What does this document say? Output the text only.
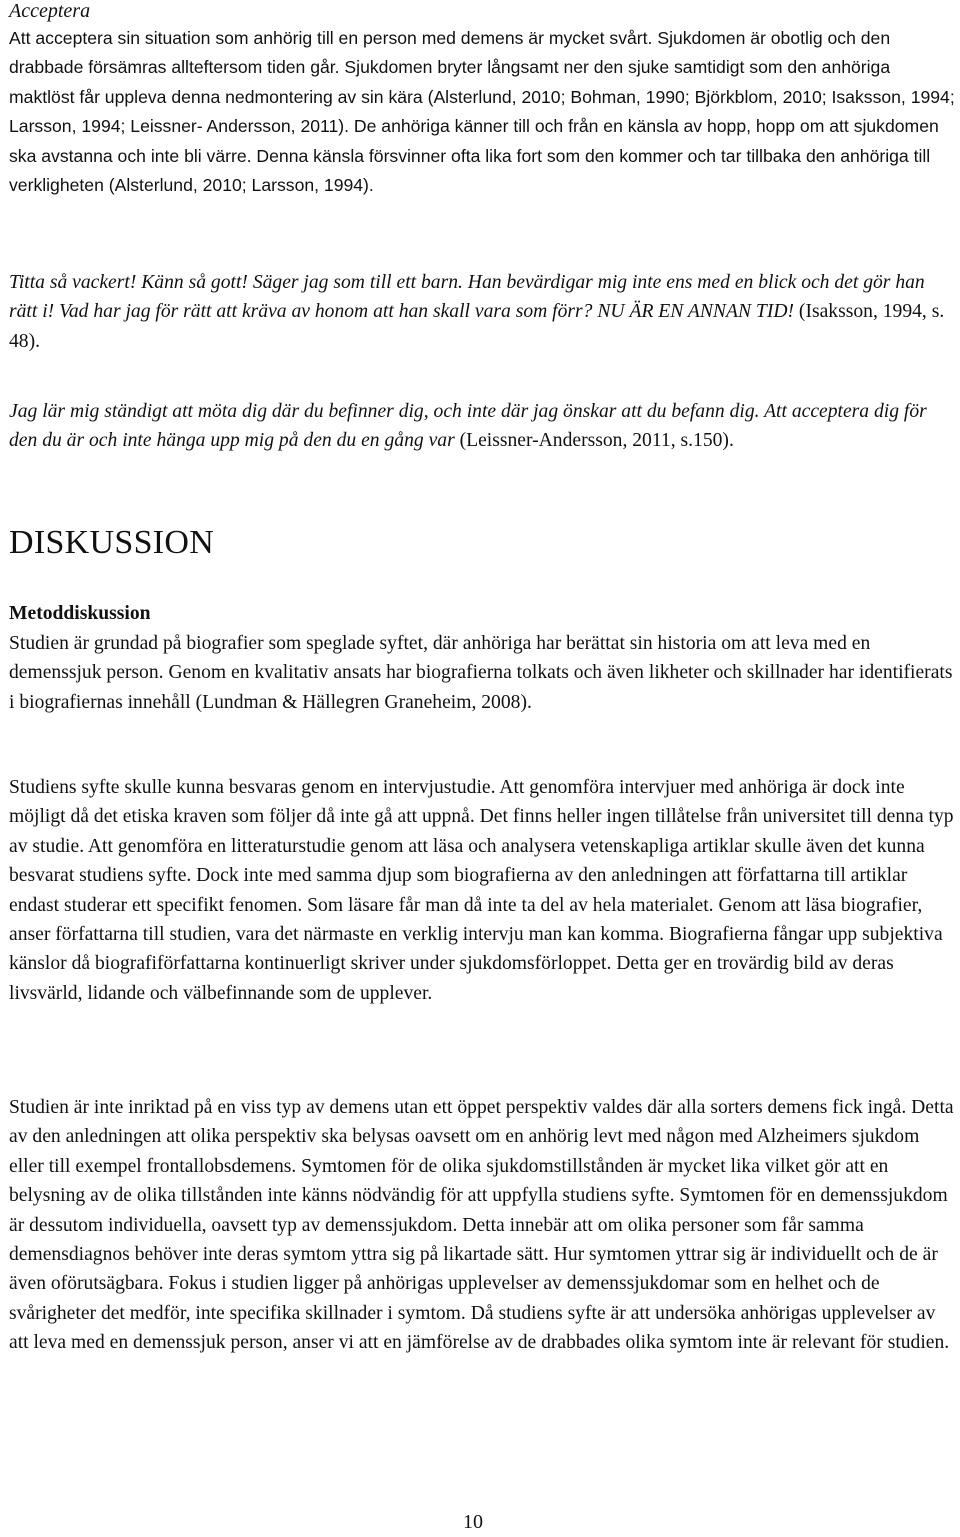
Acceptera

Att acceptera sin situation som anhörig till en person med demens är mycket svårt. Sjukdomen är obotlig och den drabbade försämras allteftersom tiden går. Sjukdomen bryter långsamt ner den sjuke samtidigt som den anhöriga maktlöst får uppleva denna nedmontering av sin kära (Alsterlund, 2010; Bohman, 1990; Björkblom, 2010; Isaksson, 1994; Larsson, 1994; Leissner- Andersson, 2011). De anhöriga känner till och från en känsla av hopp, hopp om att sjukdomen ska avstanna och inte bli värre. Denna känsla försvinner ofta lika fort som den kommer och tar tillbaka den anhöriga till verkligheten (Alsterlund, 2010; Larsson, 1994).

Titta så vackert! Känn så gott! Säger jag som till ett barn. Han bevärdigar mig inte ens med en blick och det gör han rätt i! Vad har jag för rätt att kräva av honom att han skall vara som förr? NU ÄR EN ANNAN TID! (Isaksson, 1994, s. 48).

Jag lär mig ständigt att möta dig där du befinner dig, och inte där jag önskar att du befann dig. Att acceptera dig för den du är och inte hänga upp mig på den du en gång var (Leissner-Andersson, 2011, s.150).

DISKUSSION

Metoddiskussion

Studien är grundad på biografier som speglade syftet, där anhöriga har berättat sin historia om att leva med en demenssjuk person. Genom en kvalitativ ansats har biografierna tolkats och även likheter och skillnader har identifierats i biografiernas innehåll (Lundman & Hällegren Graneheim, 2008).

Studiens syfte skulle kunna besvaras genom en intervjustudie. Att genomföra intervjuer med anhöriga är dock inte möjligt då det etiska kraven som följer då inte gå att uppnå. Det finns heller ingen tillåtelse från universitet till denna typ av studie. Att genomföra en litteraturstudie genom att läsa och analysera vetenskapliga artiklar skulle även det kunna besvarat studiens syfte. Dock inte med samma djup som biografierna av den anledningen att författarna till artiklar endast studerar ett specifikt fenomen. Som läsare får man då inte ta del av hela materialet. Genom att läsa biografier, anser författarna till studien, vara det närmaste en verklig intervju man kan komma. Biografierna fångar upp subjektiva känslor då biografiförfattarna kontinuerligt skriver under sjukdomsförloppet. Detta ger en trovärdig bild av deras livsvärld, lidande och välbefinnande som de upplever.

Studien är inte inriktad på en viss typ av demens utan ett öppet perspektiv valdes där alla sorters demens fick ingå. Detta av den anledningen att olika perspektiv ska belysas oavsett om en anhörig levt med någon med Alzheimers sjukdom eller till exempel frontallobsdemens. Symtomen för de olika sjukdomstillstånden är mycket lika vilket gör att en belysning av de olika tillstånden inte känns nödvändig för att uppfylla studiens syfte. Symtomen för en demenssjukdom är dessutom individuella, oavsett typ av demenssjukdom. Detta innebär att om olika personer som får samma demensdiagnos behöver inte deras symtom yttra sig på likartade sätt. Hur symtomen yttrar sig är individuellt och de är även oförutsägbara. Fokus i studien ligger på anhörigas upplevelser av demenssjukdomar som en helhet och de svårigheter det medför, inte specifika skillnader i symtom. Då studiens syfte är att undersöka anhörigas upplevelser av att leva med en demenssjuk person, anser vi att en jämförelse av de drabbades olika symtom inte är relevant för studien.

10
